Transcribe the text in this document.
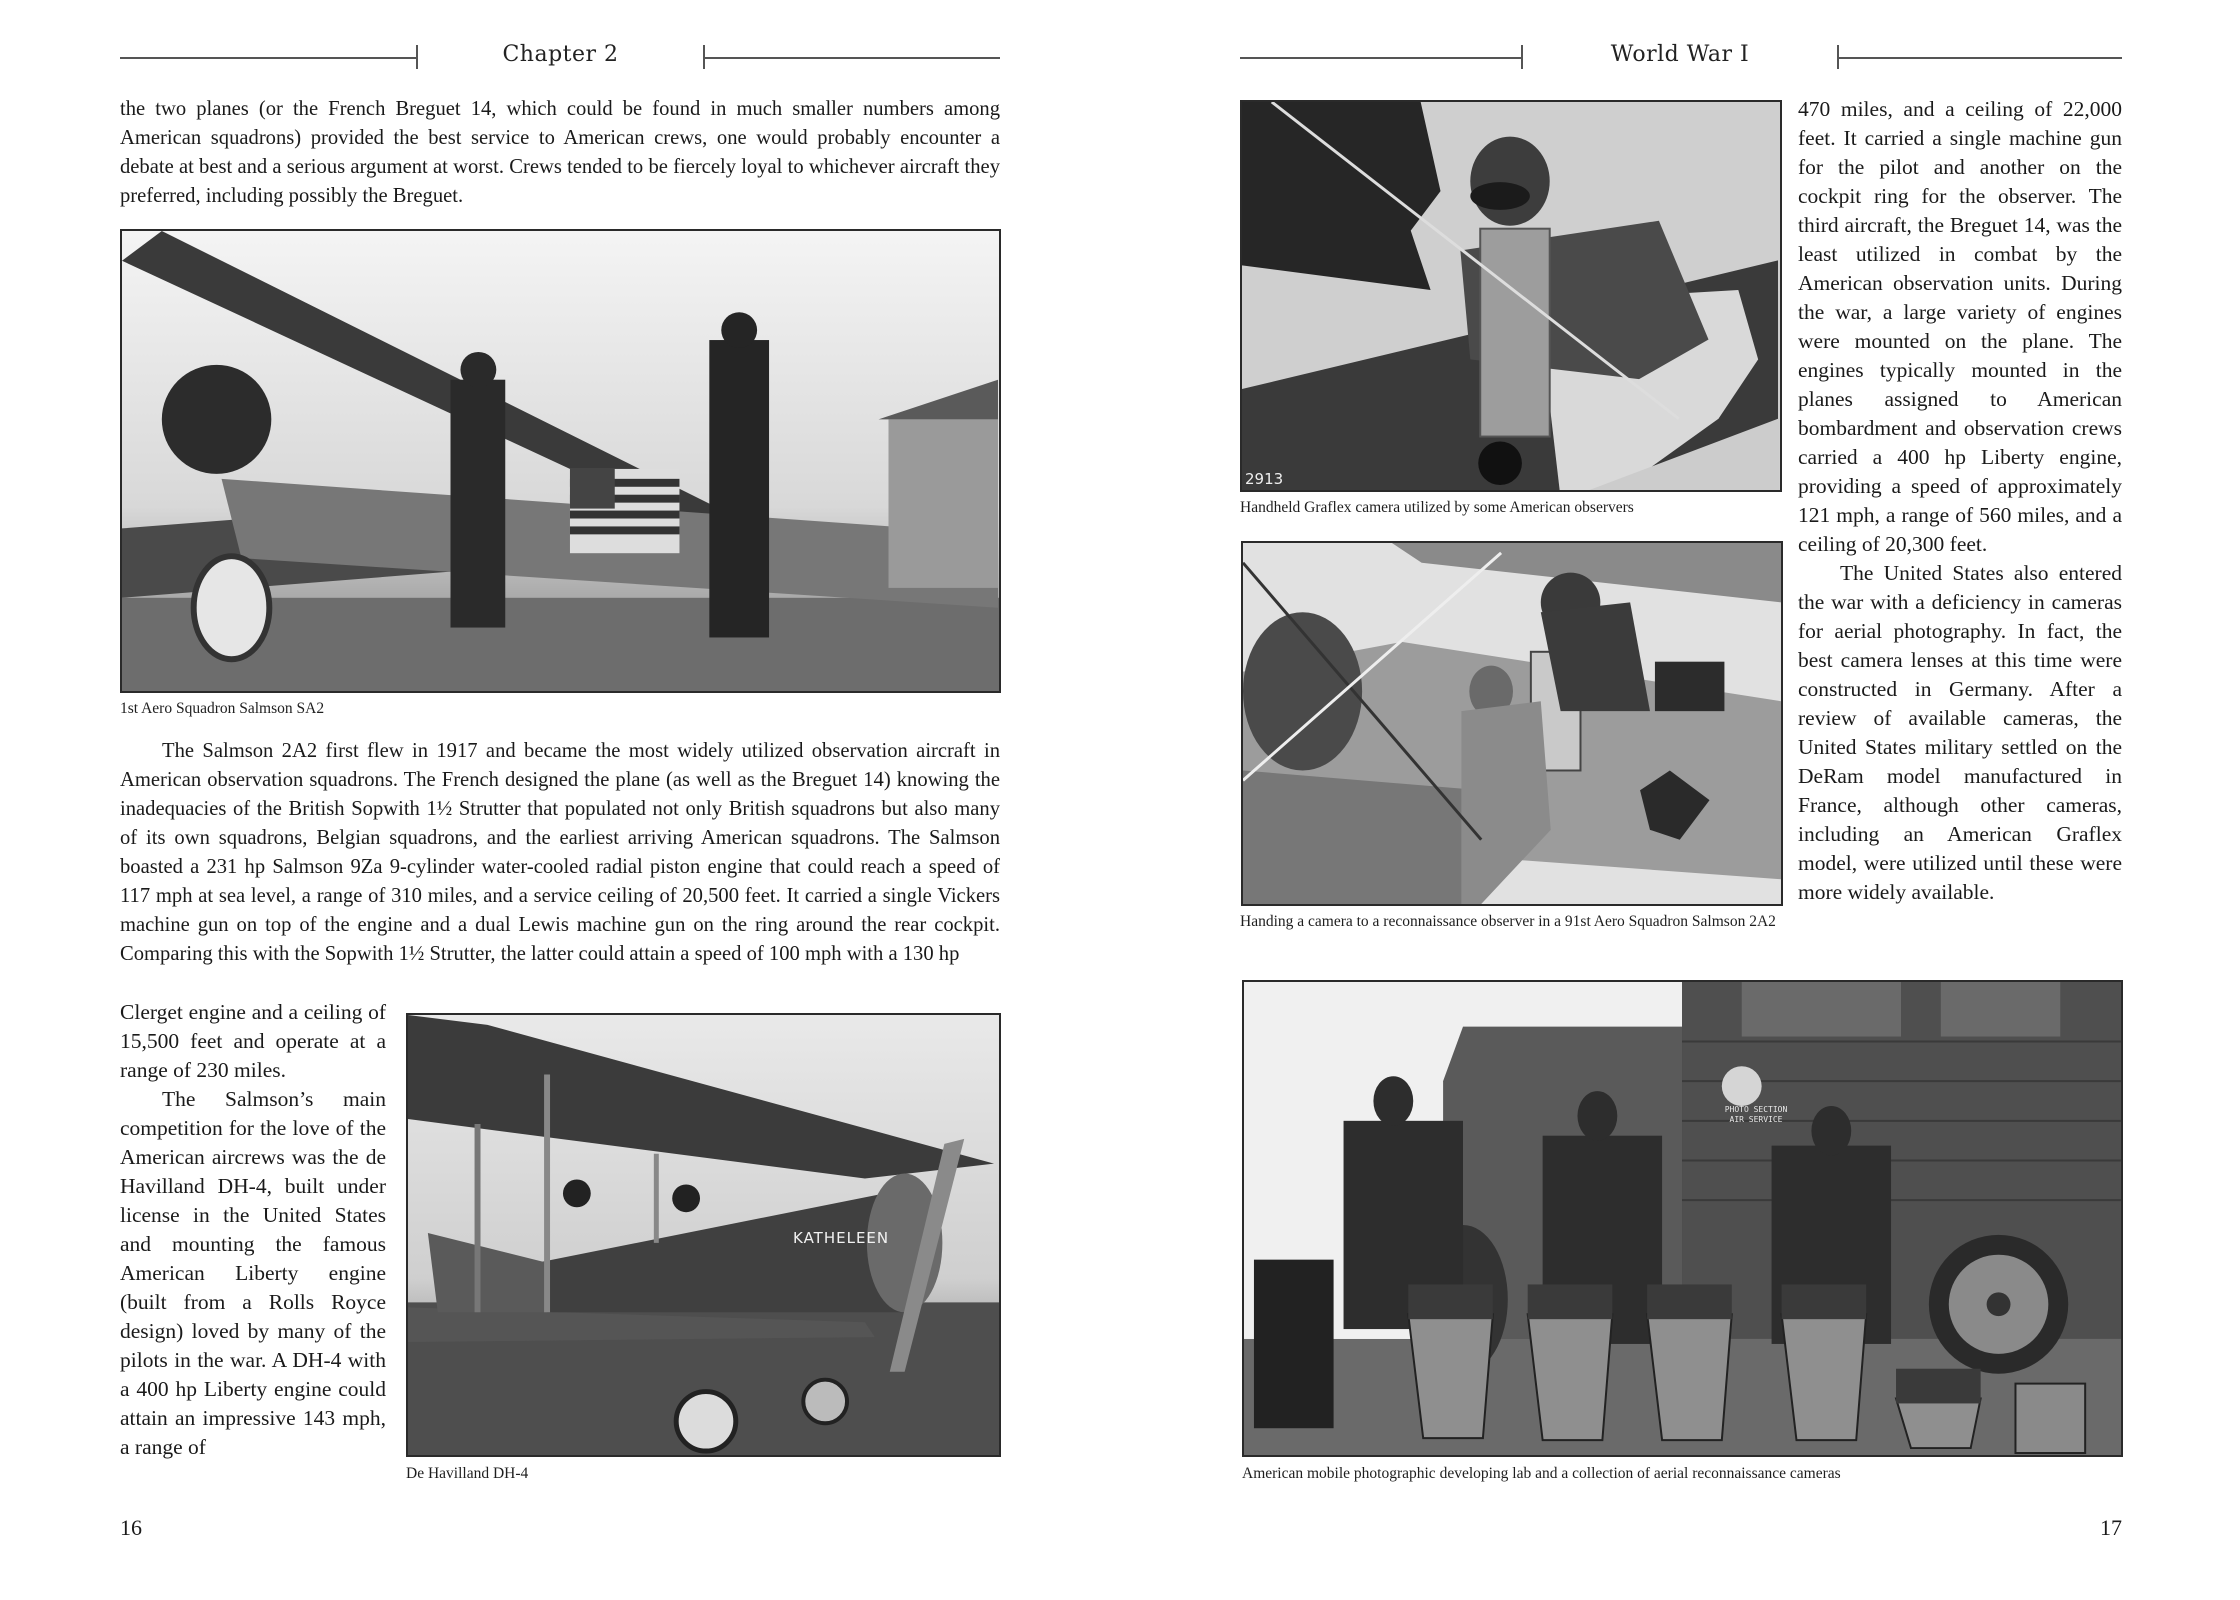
Chapter 2

the two planes (or the French Breguet 14, which could be found in much smaller numbers among American squadrons) provided the best service to American crews, one would probably encounter a debate at best and a serious argument at worst. Crews tended to be fiercely loyal to whichever aircraft they preferred, including possibly the Breguet.

1st Aero Squadron Salmson SA2

The Salmson 2A2 first flew in 1917 and became the most widely utilized observation aircraft in American observation squadrons. The French designed the plane (as well as the Breguet 14) knowing the inadequacies of the British Sopwith 1½ Strutter that populated not only British squadrons but also many of its own squadrons, Belgian squadrons, and the earliest arriving American squadrons. The Salmson boasted a 231 hp Salmson 9Za 9-cylinder water-cooled radial piston engine that could reach a speed of 117 mph at sea level, a range of 310 miles, and a service ceiling of 20,500 feet. It carried a single Vickers machine gun on top of the engine and a dual Lewis machine gun on the ring around the rear cockpit. Comparing this with the Sopwith 1½ Strutter, the latter could attain a speed of 100 mph with a 130 hp

Clerget engine and a ceiling of 15,500 feet and operate at a range of 230 miles.

The Salmson’s main competition for the love of the American aircrews was the de Havilland DH-4, built under license in the United States and mounting the famous American Liberty engine (built from a Rolls Royce design) loved by many of the pilots in the war. A DH-4 with a 400 hp Liberty engine could attain an impressive 143 mph, a range of

KATHELEEN
De Havilland DH-4
16
World War I
2913
Handheld Graflex camera utilized by some American observers
Handing a camera to a reconnaissance observer in a 91st Aero Squadron Salmson 2A2

470 miles, and a ceiling of 22,000 feet. It carried a single machine gun for the pilot and another on the cockpit ring for the observer. The third aircraft, the Breguet 14, was the least utilized in combat by the American observation units. During the war, a large variety of engines were mounted on the plane. The engines typically mounted in the planes assigned to American bombardment and observation crews carried a 400 hp Liberty engine, providing a speed of approximately 121 mph, a range of 560 miles, and a ceiling of 20,300 feet.

The United States also entered the war with a deficiency in cameras for aerial photography. In fact, the best camera lenses at this time were constructed in Germany. After a review of available cameras, the United States military settled on the DeRam model manufactured in France, although other cameras, including an American Graflex model, were utilized until these were more widely available.

PHOTO SECTION
AIR SERVICE
American mobile photographic developing lab and a collection of aerial reconnaissance cameras
17
